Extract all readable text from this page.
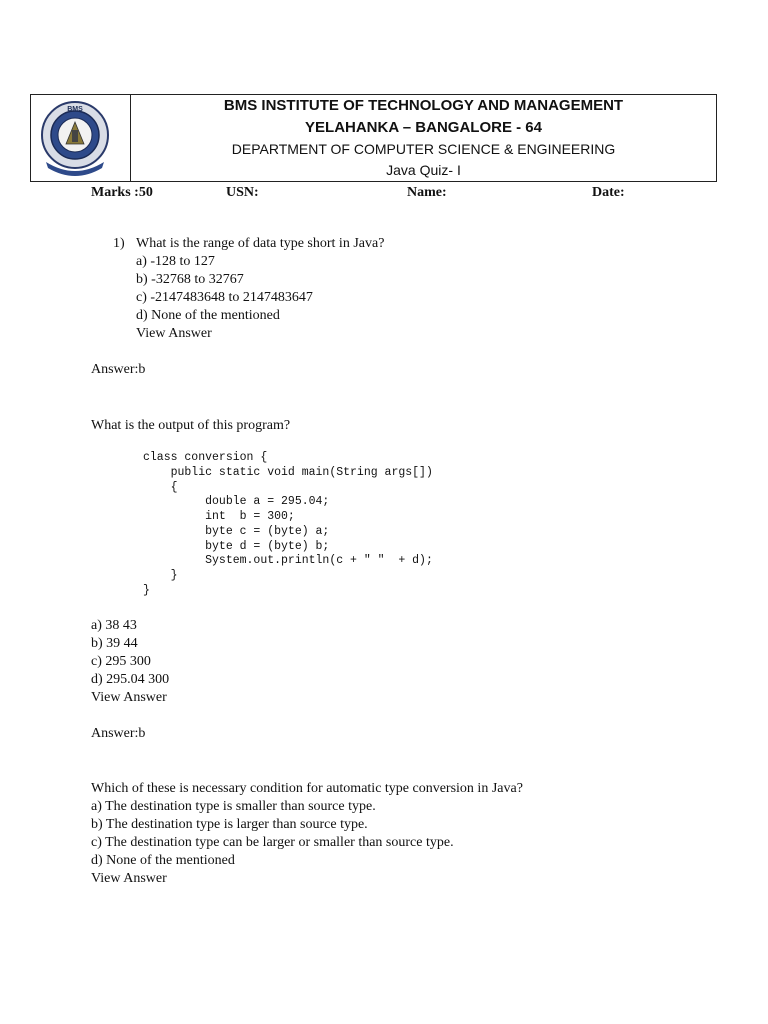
BMS	BMS INSTITUTE OF TECHNOLOGY AND MANAGEMENT
YELAHANKA – BANGALORE - 64
DEPARTMENT OF COMPUTER SCIENCE & ENGINEERING
Java Quiz- I
Marks :50	USN:	Name:	Date:
1) What is the range of data type short in Java?
a) -128 to 127
b) -32768 to 32767
c) -2147483648 to 2147483647
d) None of the mentioned
View Answer
Answer:b
What is the output of this program?
class conversion {
public static void main(String args[])
{
double a = 295.04;
int  b = 300;
byte c = (byte) a;
byte d = (byte) b;
System.out.println(c + " "  + d);
}
}
a) 38 43
b) 39 44
c) 295 300
d) 295.04 300
View Answer
Answer:b
Which of these is necessary condition for automatic type conversion in Java?
a) The destination type is smaller than source type.
b) The destination type is larger than source type.
c) The destination type can be larger or smaller than source type.
d) None of the mentioned
View Answer
